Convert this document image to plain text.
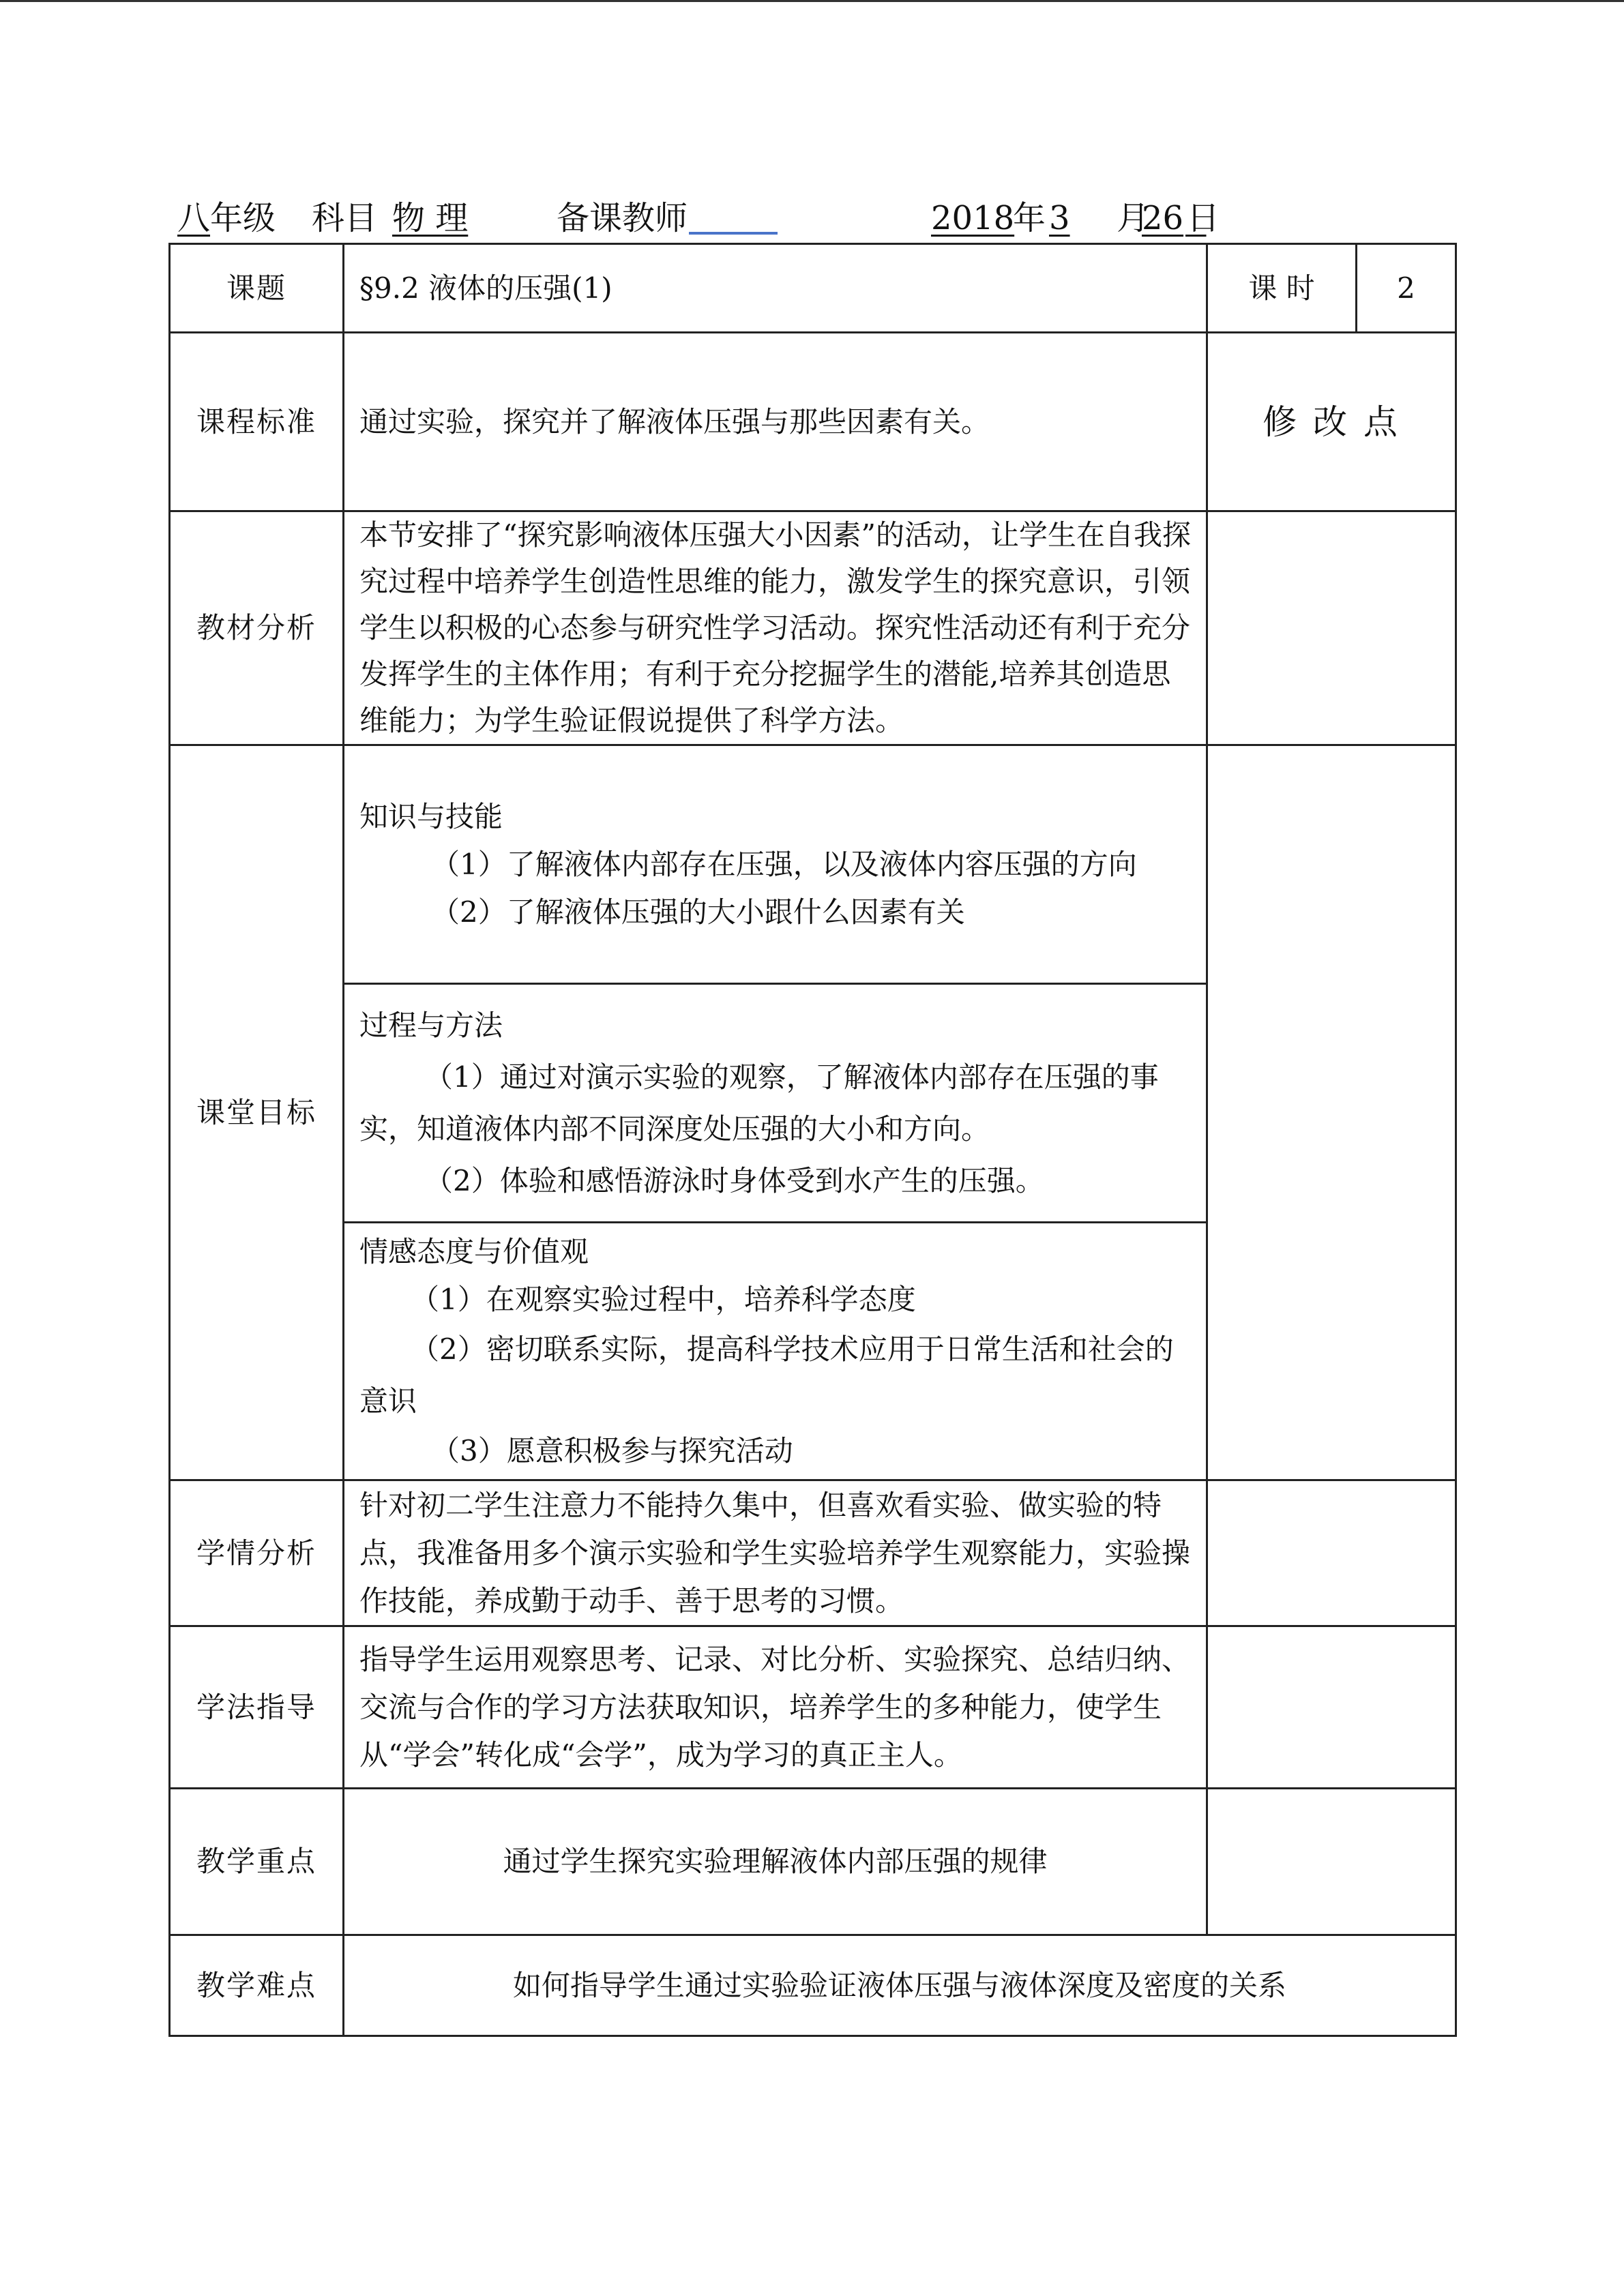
八 年级 科目 物 理	备课教师	2018
年 3 月
26
日
课题	§9.2 液体的压强(1)	课 时	2
课程标准	通过实验，探究并了解液体压强与那些因素有关。	修 改 点	
教材分析	本节安排了“探究影响液体压强大小因素”的活动，让学生在自我探究过程中培养学生创造性思维的能力，激发学生的探究意识，引领学生以积极的心态参与研究性学习活动。探究性活动还有利于充分发挥学生的主体作用；有利于充分挖掘学生的潜能,培养其创造思维能力；为学生验证假说提供了科学方法。		
课堂目标	知识与技能
（1）了解液体内部存在压强，以及液体内容压强的方向
（2）了解液体压强的大小跟什么因素有关		

	过程与方法
（1）通过对演示实验的观察，了解液体内部存在压强的事实，知道液体内部不同深度处压强的大小和方向。
（2）体验和感悟游泳时身体受到水产生的压强。		

	情感态度与价值观
（1）在观察实验过程中，培养科学态度
（2）密切联系实际，提高科学技术应用于日常生活和社会的意识
（3）愿意积极参与探究活动		

学情分析	针对初二学生注意力不能持久集中，但喜欢看实验、做实验的特点，我准备用多个演示实验和学生实验培养学生观察能力，实验操作技能，养成勤于动手、善于思考的习惯。		
学法指导	指导学生运用观察思考、记录、对比分析、实验探究、总结归纳、交流与合作的学习方法获取知识，培养学生的多种能力，使学生从“学会”转化成“会学”，成为学习的真正主人。		
教学重点	通过学生探究实验理解液体内部压强的规律		
教学难点	如何指导学生通过实验验证液体压强与液体深度及密度的关系		
